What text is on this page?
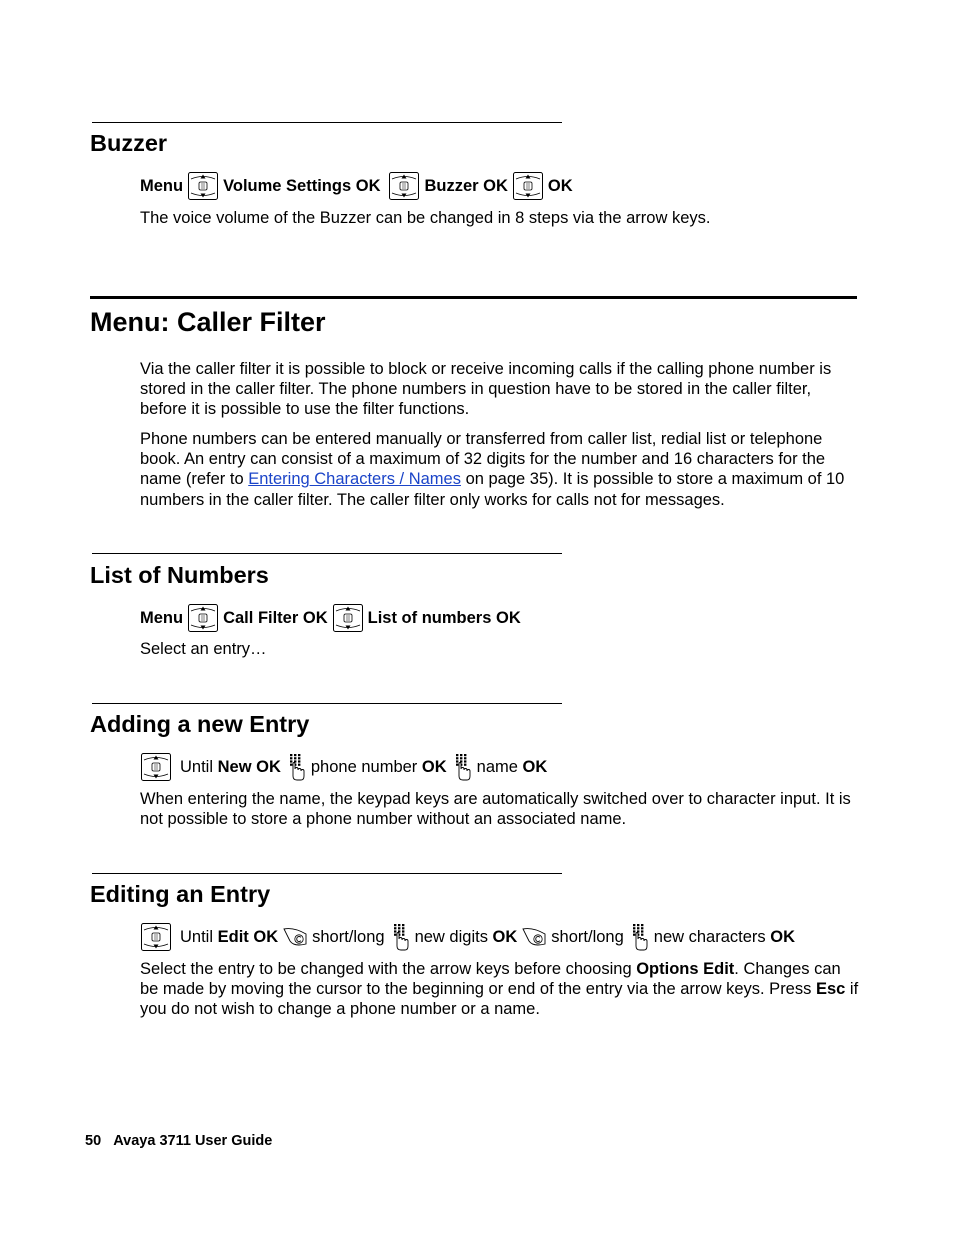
Buzzer
Menu Volume Settings
OK	Buzzer
OK OK

The voice volume of the Buzzer can be changed in 8 steps via the arrow keys.

Menu: Caller Filter

Via the caller filter it is possible to block or receive incoming calls if the calling phone number is stored in the caller filter. The phone numbers in question have to be stored in the caller filter, before it is possible to use the filter functions.

Phone numbers can be entered manually or transferred from caller list, redial list or telephone book. An entry can consist of a maximum of 32 digits for the number and 16 characters for the name (refer to Entering Characters / Names on page 35). It is possible to store a maximum of 10 numbers in the caller filter. The caller filter only works for calls not for messages.

List of Numbers
Menu Call Filter
OK List of numbers
OK

Select an entry…

Adding a new Entry
Until
New OK phone number
OK name
OK

When entering the name, the keypad keys are automatically switched over to character input. It is not possible to store a phone number without an associated name.

Editing an Entry
Until
Edit OK short/long new digits
OK short/long new characters
OK

Select the entry to be changed with the arrow keys before choosing Options Edit. Changes can be made by moving the cursor to the beginning or end of the entry via the arrow keys. Press Esc if you do not wish to change a phone number or a name.

50 Avaya 3711 User Guide
